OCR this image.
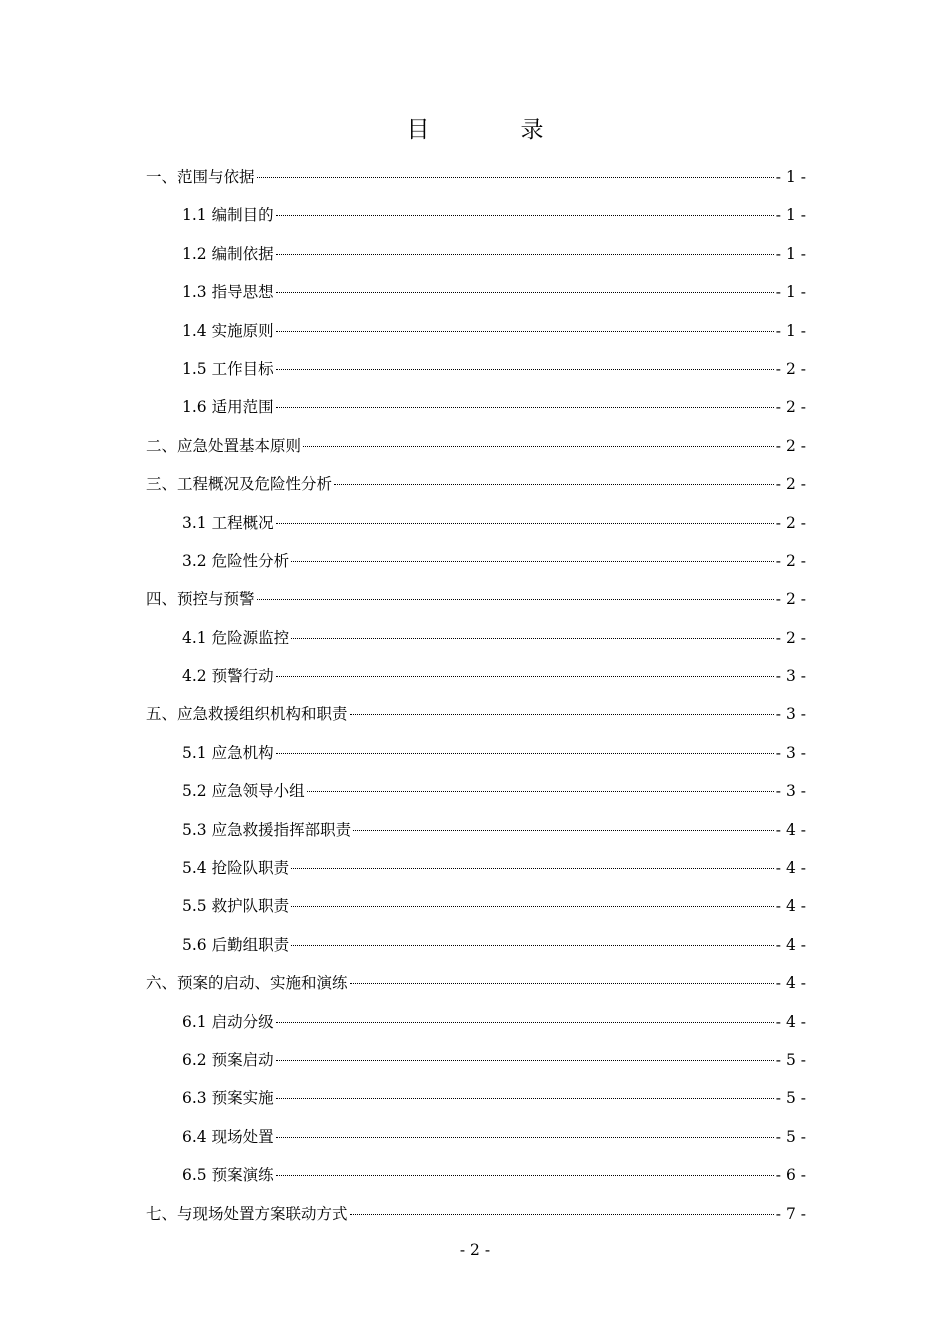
目　录
一、范围与依据	- 1 -
1.1 编制目的	- 1 -
1.2 编制依据	- 1 -
1.3 指导思想	- 1 -
1.4 实施原则	- 1 -
1.5 工作目标	- 2 -
1.6 适用范围	- 2 -
二、应急处置基本原则	- 2 -
三、工程概况及危险性分析	- 2 -
3.1 工程概况	- 2 -
3.2 危险性分析	- 2 -
四、预控与预警	- 2 -
4.1 危险源监控	- 2 -
4.2 预警行动	- 3 -
五、应急救援组织机构和职责	- 3 -
5.1 应急机构	- 3 -
5.2 应急领导小组	- 3 -
5.3 应急救援指挥部职责	- 4 -
5.4 抢险队职责	- 4 -
5.5 救护队职责	- 4 -
5.6 后勤组职责	- 4 -
六、预案的启动、实施和演练	- 4 -
6.1 启动分级	- 4 -
6.2 预案启动	- 5 -
6.3 预案实施	- 5 -
6.4 现场处置	- 5 -
6.5 预案演练	- 6 -
七、与现场处置方案联动方式	- 7 -
- 2 -
